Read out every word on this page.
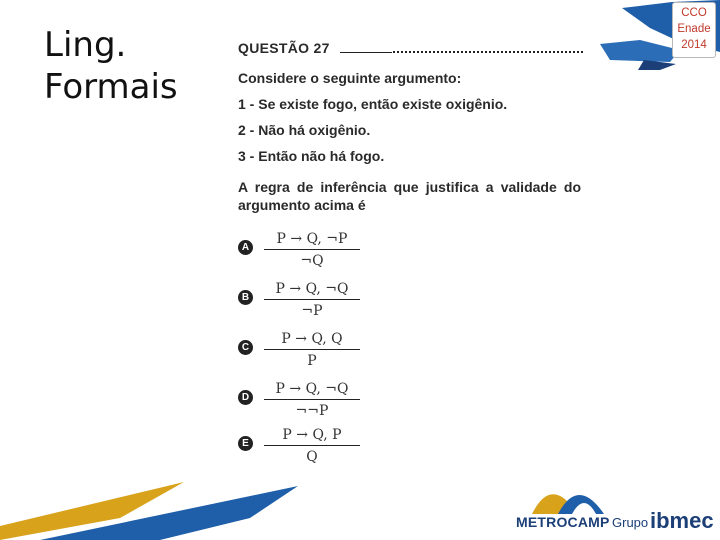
CCO
Enade
2014
Ling.
Formais
QUESTÃO 27
Considere o seguinte argumento:
1 - Se existe fogo, então existe oxigênio.
2 - Não há oxigênio.
3 - Então não há fogo.
A regra de inferência que justifica a validade do argumento acima é
A
P → Q, ¬P
¬Q
B
P → Q, ¬Q
¬P
C
P → Q, Q
P
D
P → Q, ¬Q
¬¬P
E
P → Q, P
Q
METROCAMP Grupo ibmec
